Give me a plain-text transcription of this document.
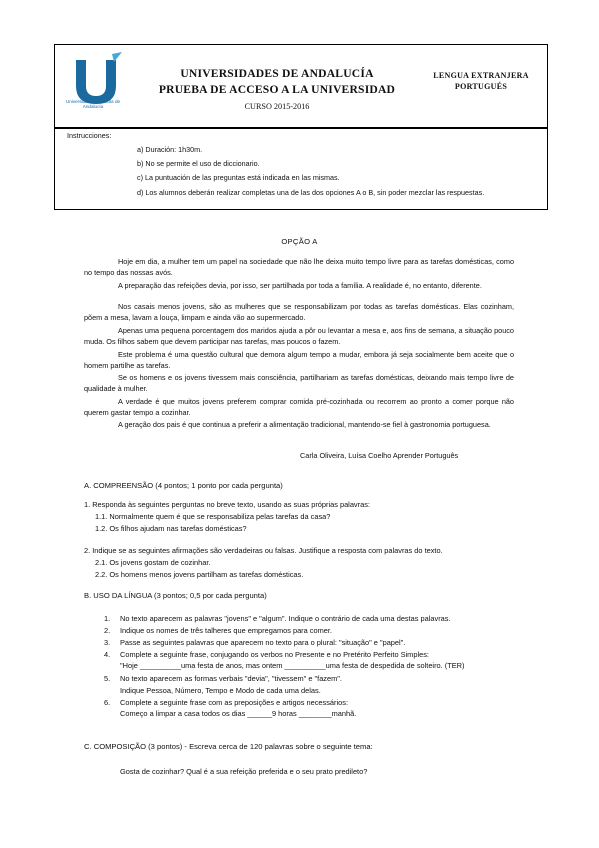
Universidades Públicas de Andalucía
UNIVERSIDADES DE ANDALUCÍA
PRUEBA DE ACCESO A LA UNIVERSIDAD
CURSO 2015-2016
LENGUA EXTRANJERA
PORTUGUÉS
Instrucciones:
a) Duración: 1h30m.
b) No se permite el uso de diccionario.
c) La puntuación de las preguntas está indicada en las mismas.
d) Los alumnos deberán realizar completas una de las dos opciones A o B, sin poder mezclar las respuestas.
OPÇÃO A
Hoje em dia, a mulher tem um papel na sociedade que não lhe deixa muito tempo livre para as tarefas domésticas, como no tempo das nossas avós.
A preparação das refeições devia, por isso, ser partilhada por toda a família. A realidade é, no entanto, diferente.
Nos casais menos jovens, são as mulheres que se responsabilizam por todas as tarefas domésticas. Elas cozinham, põem a mesa, lavam a louça, limpam e ainda vão ao supermercado.
Apenas uma pequena porcentagem dos maridos ajuda a pôr ou levantar a mesa e, aos fins de semana, a situação pouco muda. Os filhos sabem que devem participar nas tarefas, mas poucos o fazem.
Este problema é uma questão cultural que demora algum tempo a mudar, embora já seja socialmente bem aceite que o homem partilhe as tarefas.
Se os homens e os jovens tivessem mais consciência, partilhariam as tarefas domésticas, deixando mais tempo livre de qualidade à mulher.
A verdade é que muitos jovens preferem comprar comida pré-cozinhada ou recorrem ao pronto a comer porque não querem gastar tempo a cozinhar.
A geração dos pais é que continua a preferir a alimentação tradicional, mantendo-se fiel à gastronomia portuguesa.
Carla Oliveira, Luísa Coelho Aprender Português
A. COMPREENSÃO (4 pontos; 1 ponto por cada pergunta)
1. Responda às seguintes perguntas no breve texto, usando as suas próprias palavras:
1.1. Normalmente quem é que se responsabiliza pelas tarefas da casa?
1.2. Os filhos ajudam nas tarefas domésticas?
2. Indique se as seguintes afirmações são verdadeiras ou falsas. Justifique a resposta com palavras do texto.
2.1. Os jovens gostam de cozinhar.
2.2. Os homens menos jovens partilham as tarefas domésticas.
B. USO DA LÍNGUA (3 pontos; 0,5 por cada pergunta)
1. No texto aparecem as palavras "jovens" e "algum". Indique o contrário de cada uma destas palavras.
2. Indique os nomes de três talheres que empregamos para comer.
3. Passe as seguintes palavras que aparecem no texto para o plural: "situação" e "papel".
4. Complete a seguinte frase, conjugando os verbos no Presente e no Pretérito Perfeito Simples:
"Hoje __________uma festa de anos, mas ontem __________uma festa de despedida de solteiro. (TER)
5. No texto aparecem as formas verbais "devia", "tivessem" e "fazem".
Indique Pessoa, Número, Tempo e Modo de cada uma delas.
6. Complete a seguinte frase com as preposições e artigos necessários:
Começo a limpar a casa todos os dias ______9 horas ________manhã.
C. COMPOSIÇÃO (3 pontos) - Escreva cerca de 120 palavras sobre o seguinte tema:
Gosta de cozinhar? Qual é a sua refeição preferida e o seu prato predileto?
